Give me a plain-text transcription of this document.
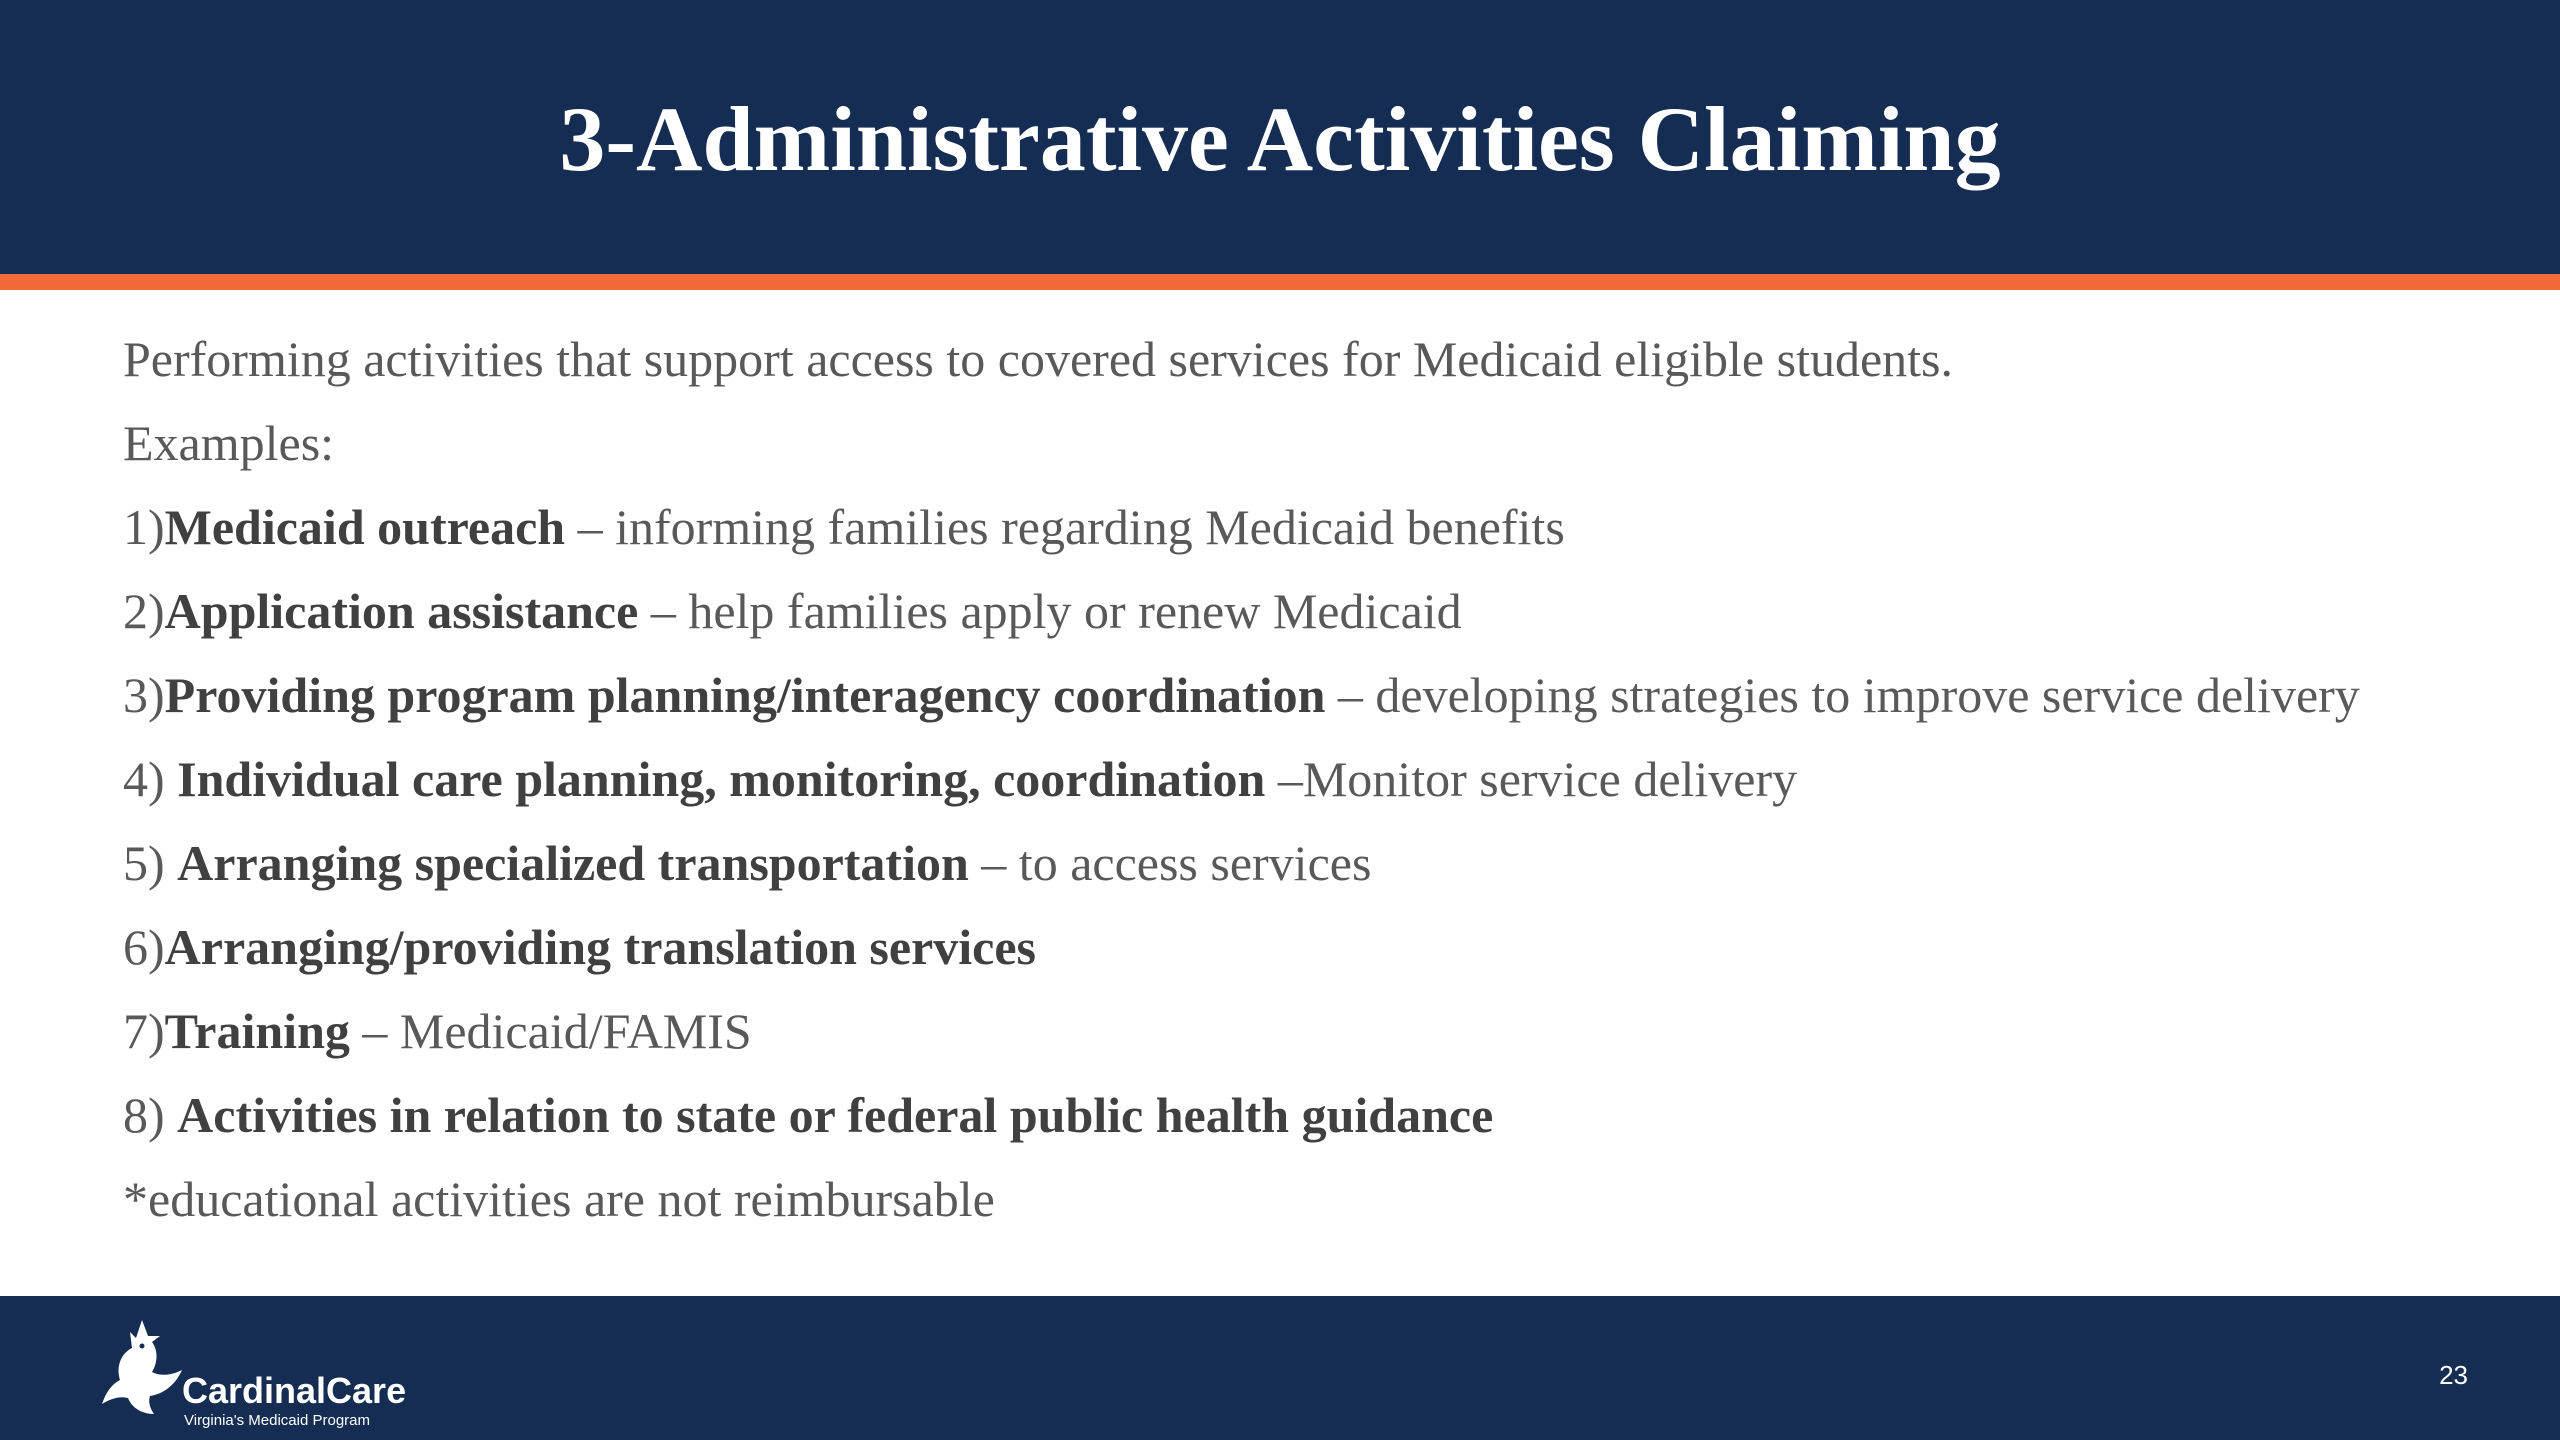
3-Administrative Activities Claiming

Performing activities that support access to covered services for Medicaid eligible students.

Examples:

1)Medicaid outreach – informing families regarding Medicaid benefits

2)Application assistance – help families apply or renew Medicaid

3)Providing program planning/interagency coordination – developing strategies to improve service delivery

4) Individual care planning, monitoring, coordination –Monitor service delivery

5) Arranging specialized transportation – to access services

6)Arranging/providing translation services

7)Training – Medicaid/FAMIS

8) Activities in relation to state or federal public health guidance

*educational activities are not reimbursable

CardinalCare
Virginia's Medicaid Program
23
